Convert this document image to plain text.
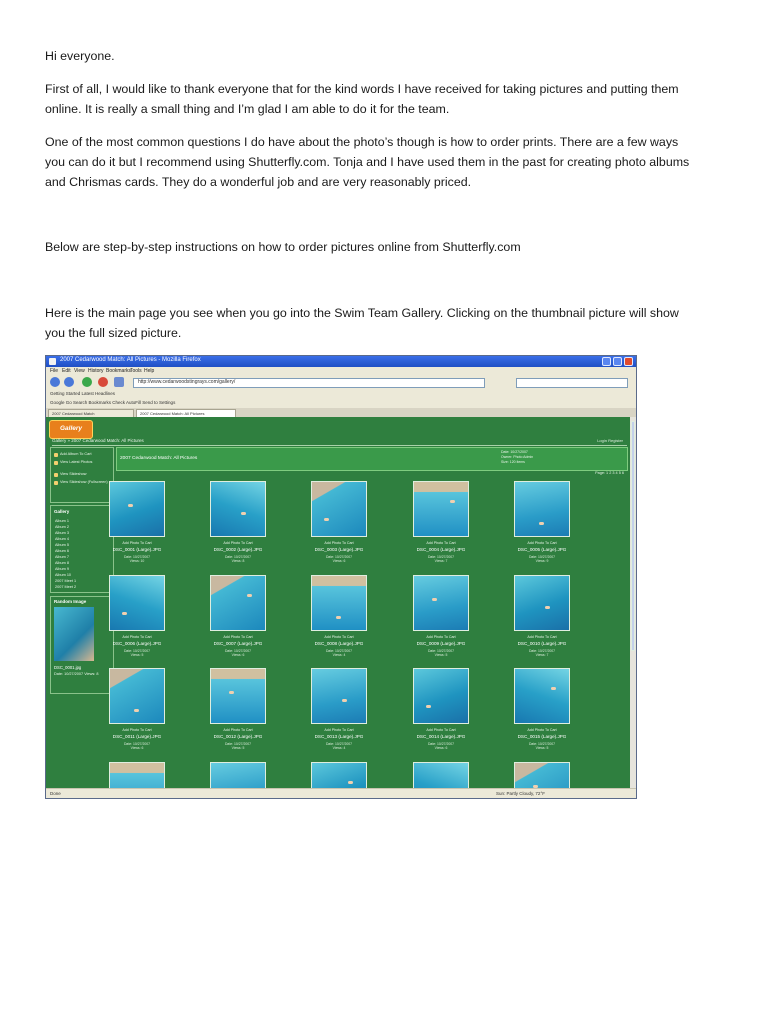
Hi everyone.

First of all, I would like to thank everyone that for the kind words I have received for taking pictures and putting them

online. It is really a small thing and I’m glad I am able to do it for the team.

One of the most common questions I do have about the photo’s though is how to order prints. There are a few ways

you can do it but I recommend using Shutterfly.com. Tonja and I have used them in the past for creating photo albums

and Chrismas cards. They do a wonderful job and are very reasonably priced.

Below are step-by-step instructions on how to order pictures online from Shutterfly.com

Here is the main page you see when you go into the Swim Team Gallery. Clicking on the thumbnail picture will show

you the full sized picture.

2007 Cedarwood Match: All Pictures - Mozilla Firefox
File Edit View History Bookmarks
Tools Help
http://www.cedarwoodstingrays.com/gallery/
Getting Started Latest Headlines
Google Go Search Bookmarks Check AutoFill Send to Settings
2007 Cedarwood Match	2007 Cedarwood Match: All Pictures
Gallery
Gallery » 2007 Cedarwood Match: All Pictures	Login Register
Add Album To Cart
View Latest Photos
View Slideshow
View Slideshow (Fullscreen)
Gallery
Album 1
Album 2
Album 3
Album 4
Album 5
Album 6
Album 7
Album 8
Album 9
Album 10
2007 Meet 1
2007 Meet 2
Random Image
DSC_0001.jpg
Date: 10/27/2007 Views: 8
2007 Cedarwood Match: All Pictures
Date: 10/27/2007
Owner: Photo Admin
Size: 120 items
Page: 1 2 3 4 5 6
Add Photo To Cart
DSC_0001 (Large).JPG
Date: 10/27/2007
Views: 10
Add Photo To Cart
DSC_0002 (Large).JPG
Date: 10/27/2007
Views: 8
Add Photo To Cart
DSC_0003 (Large).JPG
Date: 10/27/2007
Views: 6
Add Photo To Cart
DSC_0004 (Large).JPG
Date: 10/27/2007
Views: 7
Add Photo To Cart
DSC_0005 (Large).JPG
Date: 10/27/2007
Views: 9
Add Photo To Cart
DSC_0006 (Large).JPG
Date: 10/27/2007
Views: 5
Add Photo To Cart
DSC_0007 (Large).JPG
Date: 10/27/2007
Views: 6
Add Photo To Cart
DSC_0008 (Large).JPG
Date: 10/27/2007
Views: 4
Add Photo To Cart
DSC_0009 (Large).JPG
Date: 10/27/2007
Views: 5
Add Photo To Cart
DSC_0010 (Large).JPG
Date: 10/27/2007
Views: 7
Add Photo To Cart
DSC_0011 (Large).JPG
Date: 10/27/2007
Views: 6
Add Photo To Cart
DSC_0012 (Large).JPG
Date: 10/27/2007
Views: 5
Add Photo To Cart
DSC_0013 (Large).JPG
Date: 10/27/2007
Views: 4
Add Photo To Cart
DSC_0014 (Large).JPG
Date: 10/27/2007
Views: 6
Add Photo To Cart
DSC_0015 (Large).JPG
Date: 10/27/2007
Views: 5
Done	Sun: Partly Cloudy, 72°F
